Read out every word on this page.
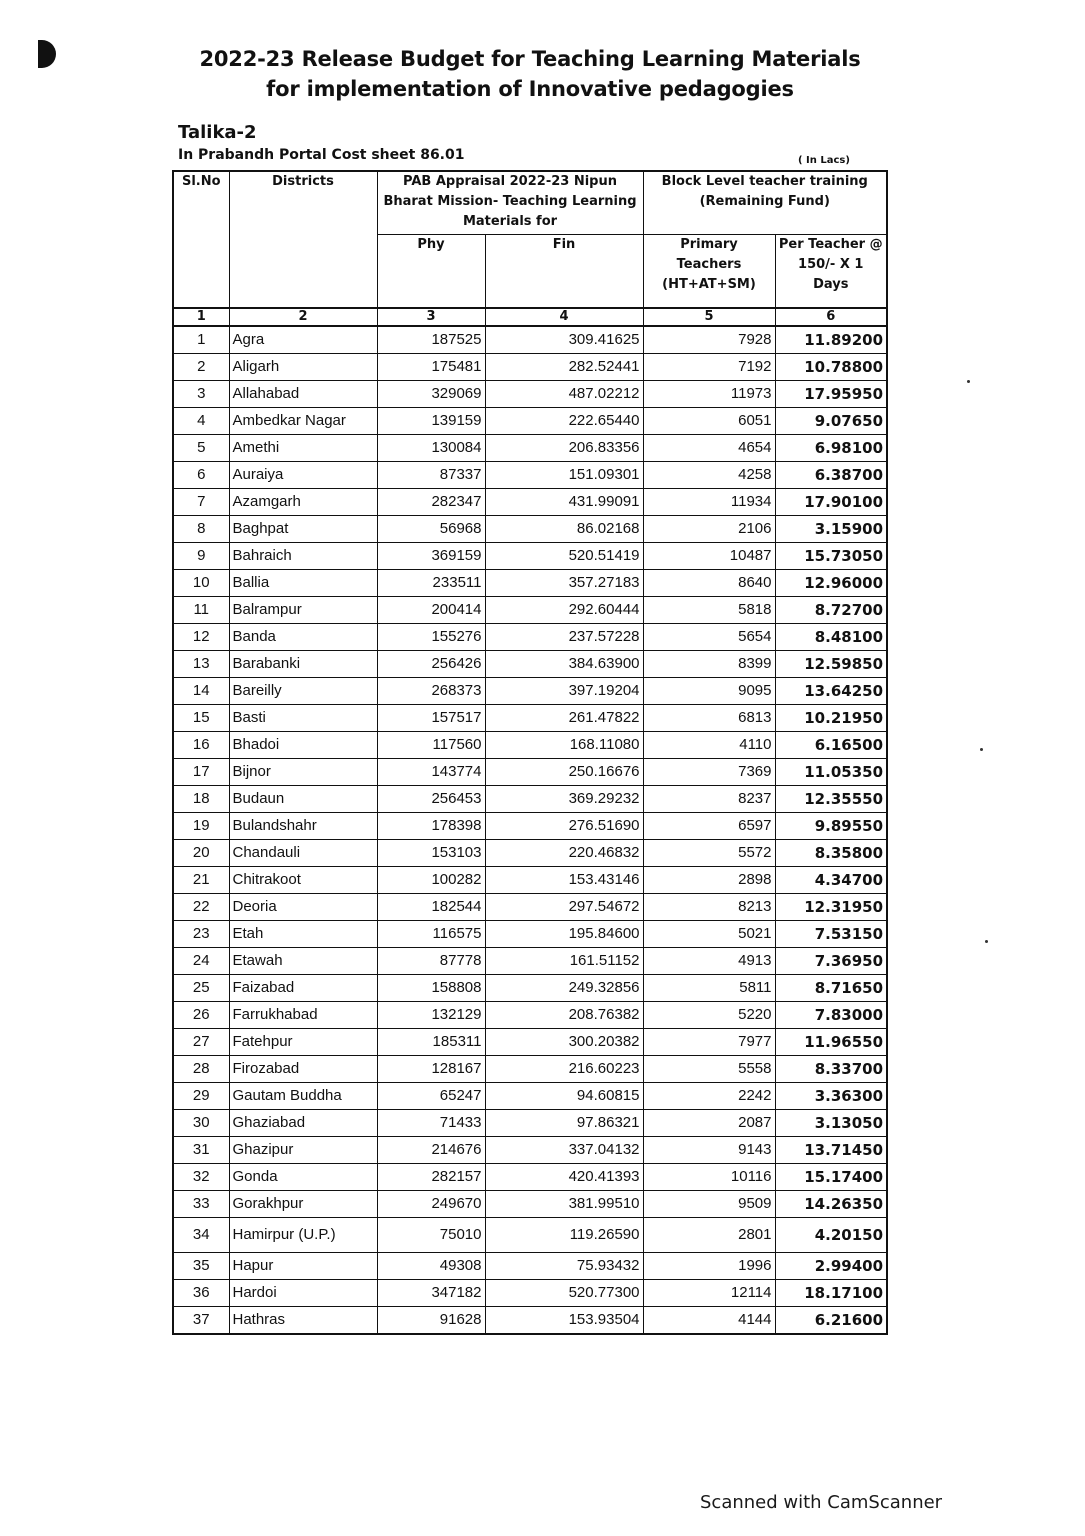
2022-23 Release Budget for Teaching Learning Materials
for implementation of Innovative pedagogies
Talika-2
In Prabandh Portal Cost sheet 86.01	( In Lacs)
Sl.No	Districts	PAB Appraisal 2022-23 Nipun Bharat Mission- Teaching Learning Materials for		Block Level teacher training (Remaining Fund)	
		Phy	Fin	Primary Teachers (HT+AT+SM)	Per Teacher @ 150/- X 1 Days
1	2	3	4	5	6
1	Agra	187525	309.41625	7928	11.89200
2	Aligarh	175481	282.52441	7192	10.78800
3	Allahabad	329069	487.02212	11973	17.95950
4	Ambedkar Nagar	139159	222.65440	6051	9.07650
5	Amethi	130084	206.83356	4654	6.98100
6	Auraiya	87337	151.09301	4258	6.38700
7	Azamgarh	282347	431.99091	11934	17.90100
8	Baghpat	56968	86.02168	2106	3.15900
9	Bahraich	369159	520.51419	10487	15.73050
10	Ballia	233511	357.27183	8640	12.96000
11	Balrampur	200414	292.60444	5818	8.72700
12	Banda	155276	237.57228	5654	8.48100
13	Barabanki	256426	384.63900	8399	12.59850
14	Bareilly	268373	397.19204	9095	13.64250
15	Basti	157517	261.47822	6813	10.21950
16	Bhadoi	117560	168.11080	4110	6.16500
17	Bijnor	143774	250.16676	7369	11.05350
18	Budaun	256453	369.29232	8237	12.35550
19	Bulandshahr	178398	276.51690	6597	9.89550
20	Chandauli	153103	220.46832	5572	8.35800
21	Chitrakoot	100282	153.43146	2898	4.34700
22	Deoria	182544	297.54672	8213	12.31950
23	Etah	116575	195.84600	5021	7.53150
24	Etawah	87778	161.51152	4913	7.36950
25	Faizabad	158808	249.32856	5811	8.71650
26	Farrukhabad	132129	208.76382	5220	7.83000
27	Fatehpur	185311	300.20382	7977	11.96550
28	Firozabad	128167	216.60223	5558	8.33700
29	Gautam Buddha	65247	94.60815	2242	3.36300
30	Ghaziabad	71433	97.86321	2087	3.13050
31	Ghazipur	214676	337.04132	9143	13.71450
32	Gonda	282157	420.41393	10116	15.17400
33	Gorakhpur	249670	381.99510	9509	14.26350
34	Hamirpur (U.P.)	75010	119.26590	2801	4.20150
35	Hapur	49308	75.93432	1996	2.99400
36	Hardoi	347182	520.77300	12114	18.17100
37	Hathras	91628	153.93504	4144	6.21600
Scanned with CamScanner
